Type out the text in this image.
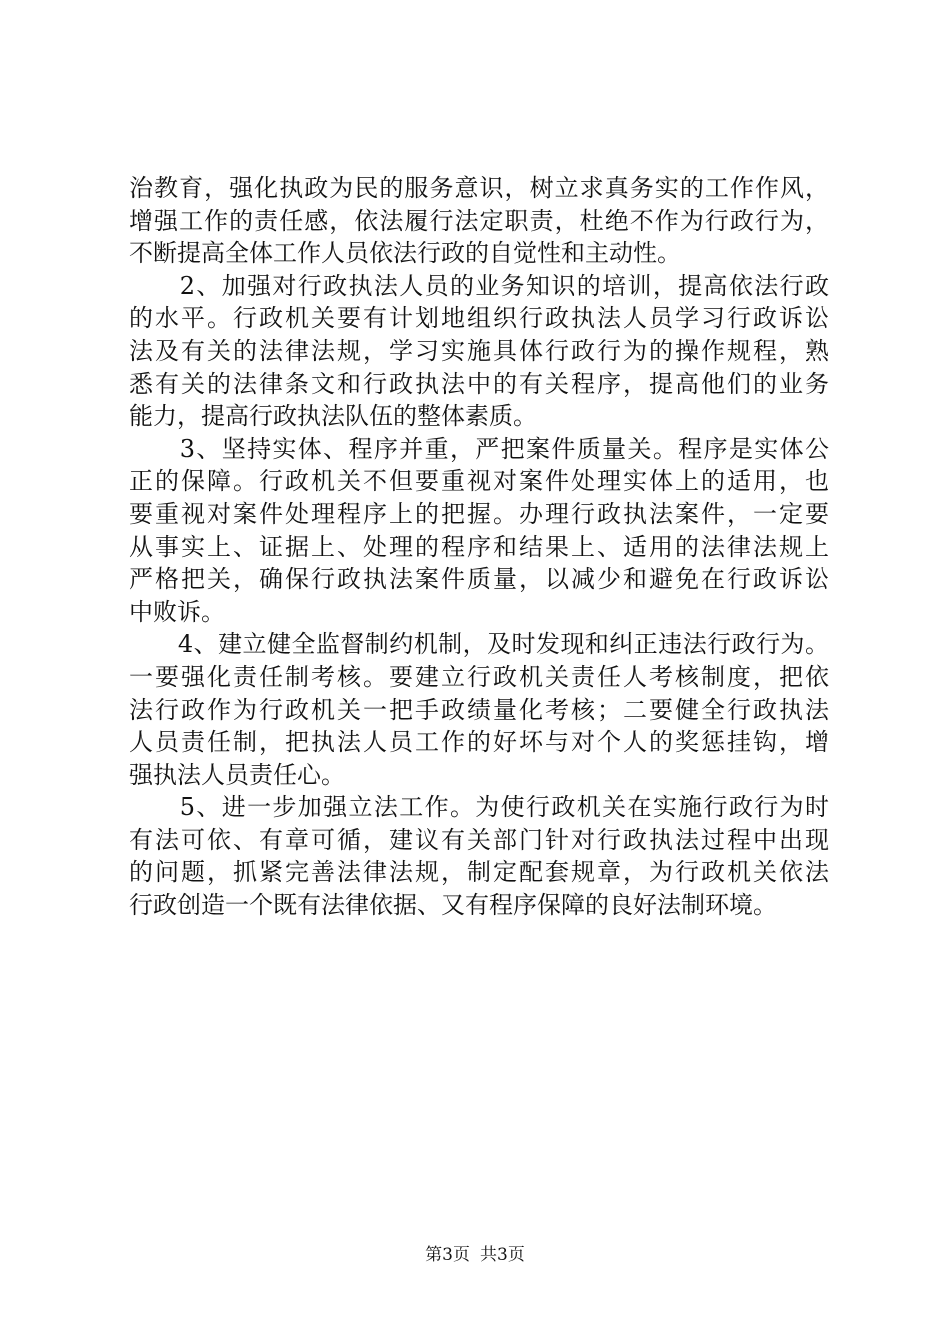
治教育，强化执政为民的服务意识，树立求真务实的工作作风，
增强工作的责任感，依法履行法定职责，杜绝不作为行政行为，
不断提高全体工作人员依法行政的自觉性和主动性。
　　2、加强对行政执法人员的业务知识的培训，提高依法行政
的水平。行政机关要有计划地组织行政执法人员学习行政诉讼
法及有关的法律法规，学习实施具体行政行为的操作规程，熟
悉有关的法律条文和行政执法中的有关程序，提高他们的业务
能力，提高行政执法队伍的整体素质。
　　3、坚持实体、程序并重，严把案件质量关。程序是实体公
正的保障。行政机关不但要重视对案件处理实体上的适用，也
要重视对案件处理程序上的把握。办理行政执法案件，一定要
从事实上、证据上、处理的程序和结果上、适用的法律法规上
严格把关，确保行政执法案件质量，以减少和避免在行政诉讼
中败诉。
　　4、建立健全监督制约机制，及时发现和纠正违法行政行为。
一要强化责任制考核。要建立行政机关责任人考核制度，把依
法行政作为行政机关一把手政绩量化考核；二要健全行政执法
人员责任制，把执法人员工作的好坏与对个人的奖惩挂钩，增
强执法人员责任心。
　　5、进一步加强立法工作。为使行政机关在实施行政行为时
有法可依、有章可循，建议有关部门针对行政执法过程中出现
的问题，抓紧完善法律法规，制定配套规章，为行政机关依法
行政创造一个既有法律依据、又有程序保障的良好法制环境。
第3页 共3页
